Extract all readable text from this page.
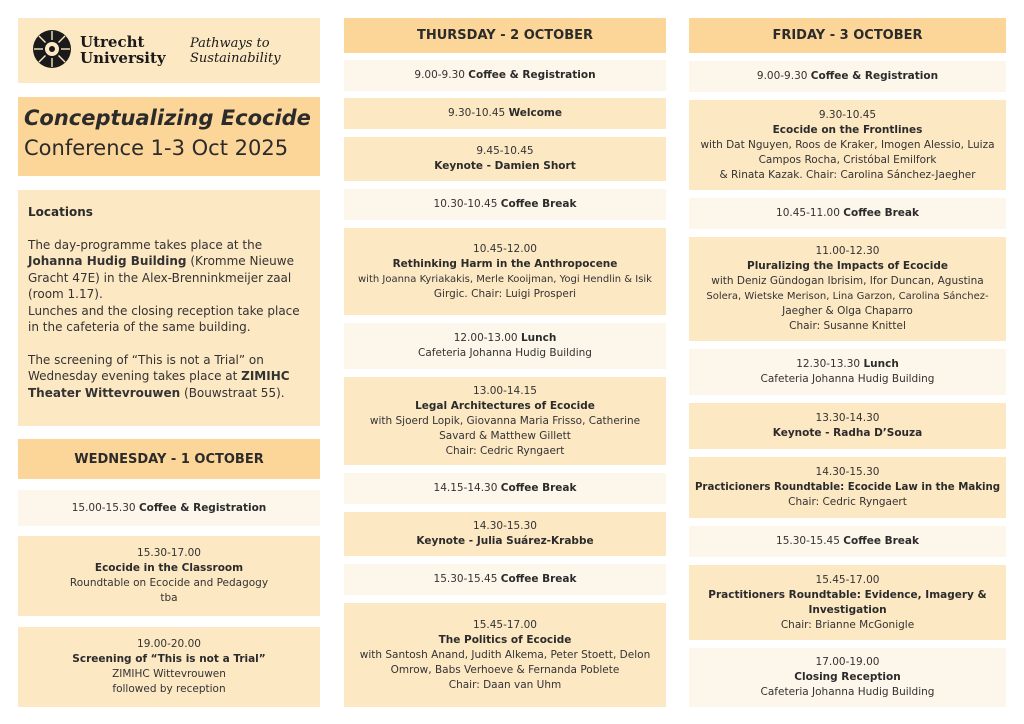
Utrecht
University
Pathways to
Sustainability
Conceptualizing Ecocide
Conference 1-3 Oct 2025

Locations

The day-programme takes place at the Johanna Hudig Building (Kromme Nieuwe Gracht 47E) in the Alex-Brenninkmeijer zaal (room 1.17).

Lunches and the closing reception take place in the cafeteria of the same building.

The screening of “This is not a Trial” on Wednesday evening takes place at ZIMIHC Theater Wittevrouwen (Bouwstraat 55).

WEDNESDAY - 1 OCTOBER
15.00-15.30 Coffee & Registration
15.30-17.00
Ecocide in the Classroom
Roundtable on Ecocide and Pedagogy
tba
19.00-20.00
Screening of “This is not a Trial”
ZIMIHC Wittevrouwen
followed by reception
THURSDAY - 2 OCTOBER
9.00-9.30 Coffee & Registration
9.30-10.45 Welcome
9.45-10.45
Keynote - Damien Short
10.30-10.45 Coffee Break
10.45-12.00
Rethinking Harm in the Anthropocene
with Joanna Kyriakakis, Merle Kooijman, Yogi Hendlin & Isik
Girgic. Chair: Luigi Prosperi
12.00-13.00 Lunch
Cafeteria Johanna Hudig Building
13.00-14.15
Legal Architectures of Ecocide
with Sjoerd Lopik, Giovanna Maria Frisso, Catherine
Savard & Matthew Gillett
Chair: Cedric Ryngaert
14.15-14.30 Coffee Break
14.30-15.30
Keynote - Julia Suárez-Krabbe
15.30-15.45 Coffee Break
15.45-17.00
The Politics of Ecocide
with Santosh Anand, Judith Alkema, Peter Stoett, Delon
Omrow, Babs Verhoeve & Fernanda Poblete
Chair: Daan van Uhm
FRIDAY - 3 OCTOBER
9.00-9.30 Coffee & Registration
9.30-10.45
Ecocide on the Frontlines
with Dat Nguyen, Roos de Kraker, Imogen Alessio, Luiza
Campos Rocha, Cristóbal Emilfork
& Rinata Kazak. Chair: Carolina Sánchez-Jaegher
10.45-11.00 Coffee Break
11.00-12.30
Pluralizing the Impacts of Ecocide
with Deniz Gündogan Ibrisim, Ifor Duncan, Agustina
Solera, Wietske Merison, Lina Garzon, Carolina Sánchez-
Jaegher & Olga Chaparro
Chair: Susanne Knittel
12.30-13.30 Lunch
Cafeteria Johanna Hudig Building
13.30-14.30
Keynote - Radha D’Souza
14.30-15.30
Practicioners Roundtable: Ecocide Law in the Making
Chair: Cedric Ryngaert
15.30-15.45 Coffee Break
15.45-17.00
Practitioners Roundtable: Evidence, Imagery &
Investigation
Chair: Brianne McGonigle
17.00-19.00
Closing Reception
Cafeteria Johanna Hudig Building
